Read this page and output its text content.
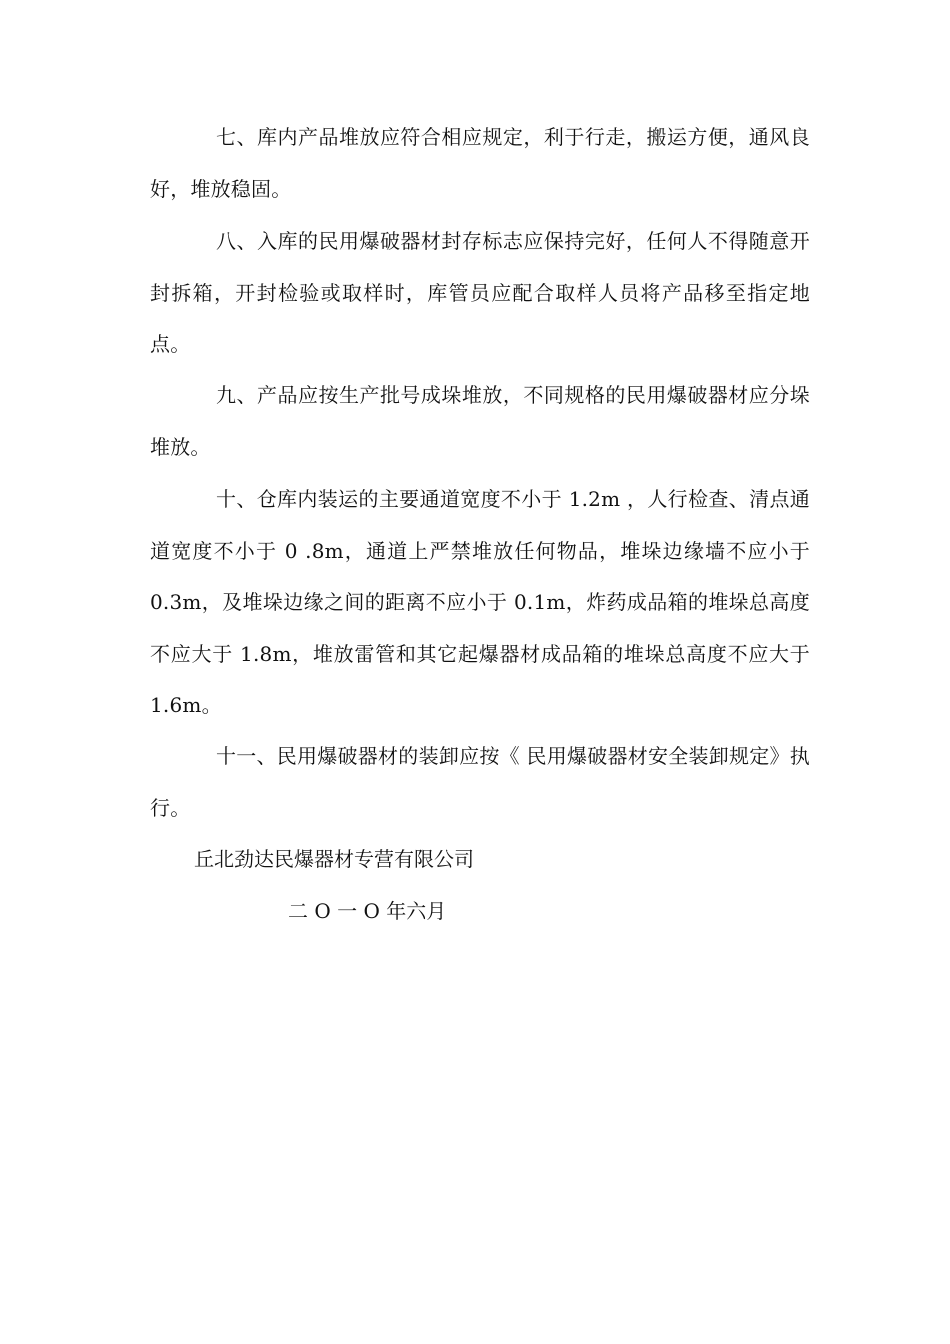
七、库内产品堆放应符合相应规定，利于行走，搬运方便，通风良好，堆放稳固。

八、入库的民用爆破器材封存标志应保持完好，任何人不得随意开封拆箱，开封检验或取样时，库管员应配合取样人员将产品移至指定地点。

九、产品应按生产批号成垛堆放，不同规格的民用爆破器材应分垛堆放。

十、仓库内装运的主要通道宽度不小于 1.2m ，人行检查、清点通道宽度不小于 0 .8m，通道上严禁堆放任何物品，堆垛边缘墙不应小于 0.3m，及堆垛边缘之间的距离不应小于 0.1m，炸药成品箱的堆垛总高度不应大于 1.8m，堆放雷管和其它起爆器材成品箱的堆垛总高度不应大于 1.6m。

十一、民用爆破器材的装卸应按《 民用爆破器材安全装卸规定》执行。

丘北劲达民爆器材专营有限公司

二 O 一 O 年六月
